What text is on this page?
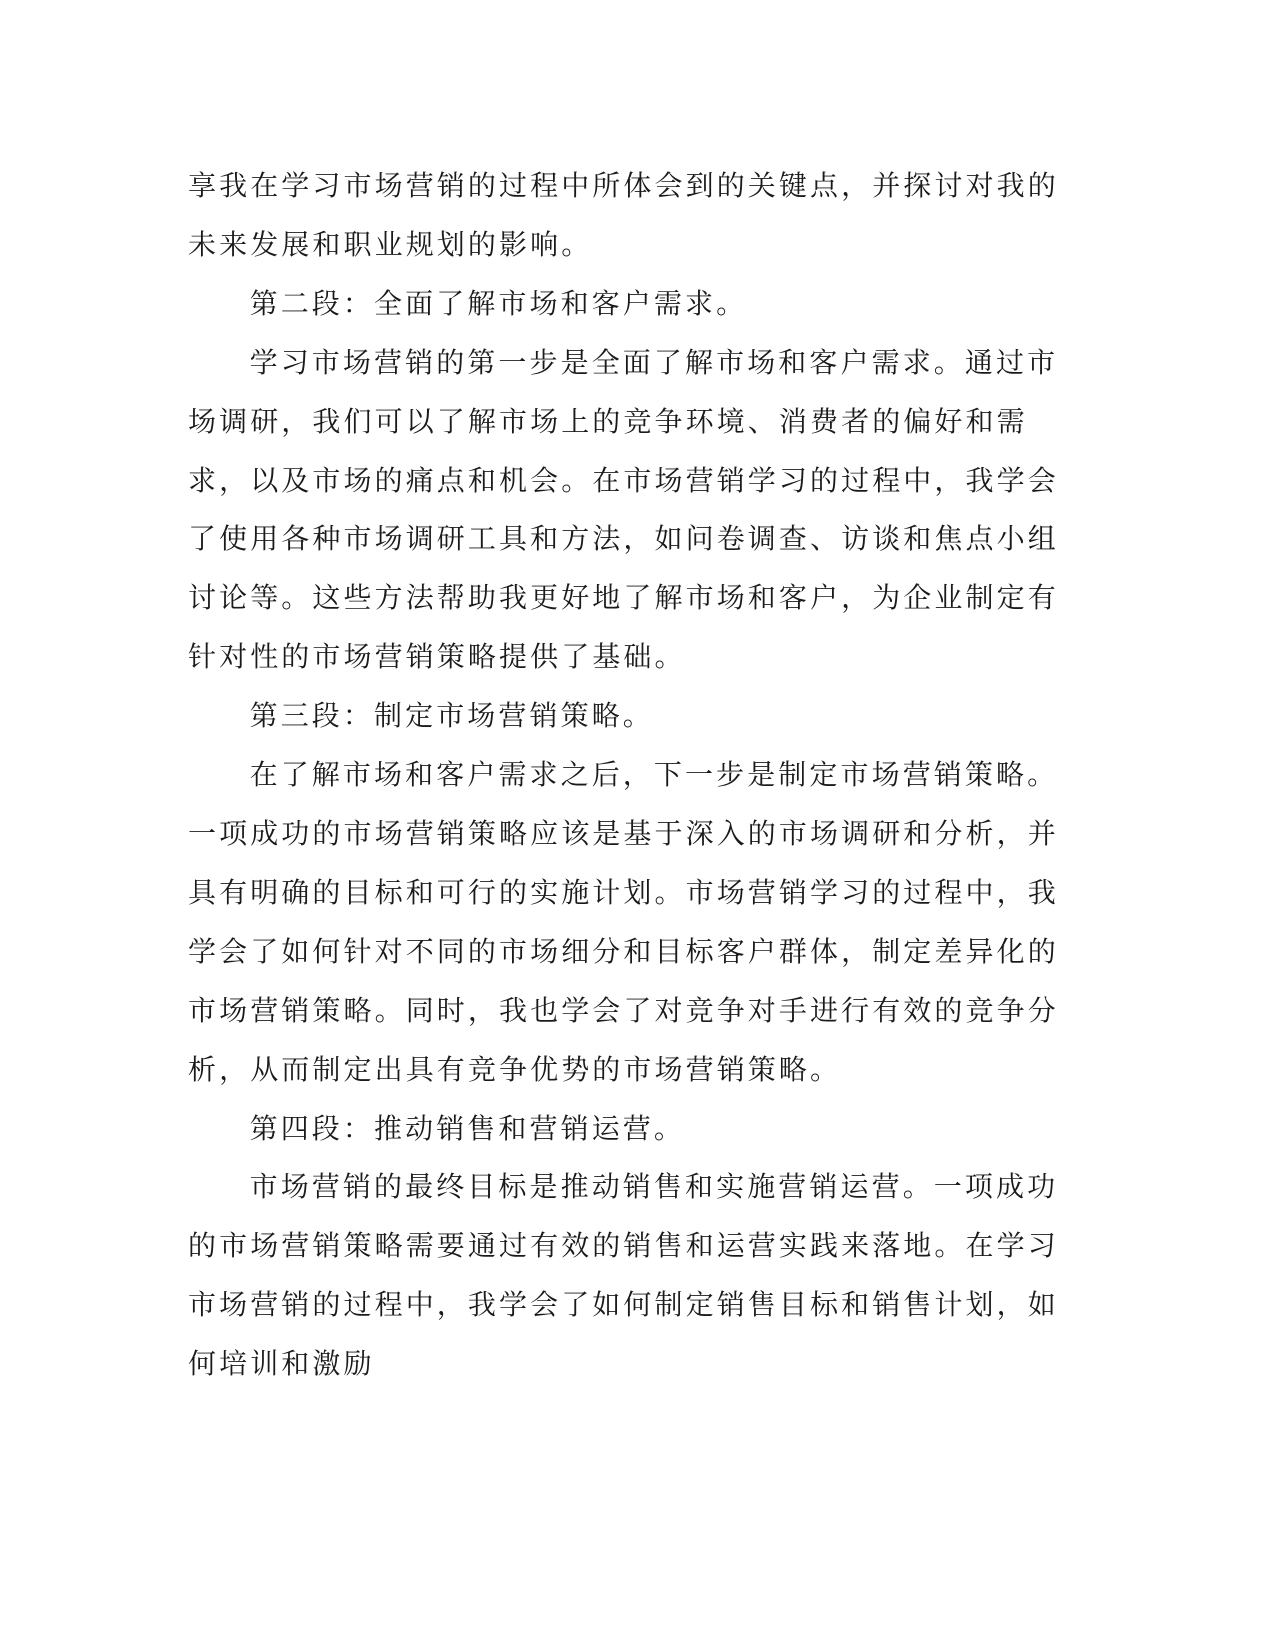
享我在学习市场营销的过程中所体会到的关键点，并探讨对我的未来发展和职业规划的影响。

第二段：全面了解市场和客户需求。

学习市场营销的第一步是全面了解市场和客户需求。通过市场调研，我们可以了解市场上的竞争环境、消费者的偏好和需求，以及市场的痛点和机会。在市场营销学习的过程中，我学会了使用各种市场调研工具和方法，如问卷调查、访谈和焦点小组讨论等。这些方法帮助我更好地了解市场和客户，为企业制定有针对性的市场营销策略提供了基础。

第三段：制定市场营销策略。

在了解市场和客户需求之后，下一步是制定市场营销策略。一项成功的市场营销策略应该是基于深入的市场调研和分析，并具有明确的目标和可行的实施计划。市场营销学习的过程中，我学会了如何针对不同的市场细分和目标客户群体，制定差异化的市场营销策略。同时，我也学会了对竞争对手进行有效的竞争分析，从而制定出具有竞争优势的市场营销策略。

第四段：推动销售和营销运营。

市场营销的最终目标是推动销售和实施营销运营。一项成功的市场营销策略需要通过有效的销售和运营实践来落地。在学习市场营销的过程中，我学会了如何制定销售目标和销售计划，如何培训和激励
